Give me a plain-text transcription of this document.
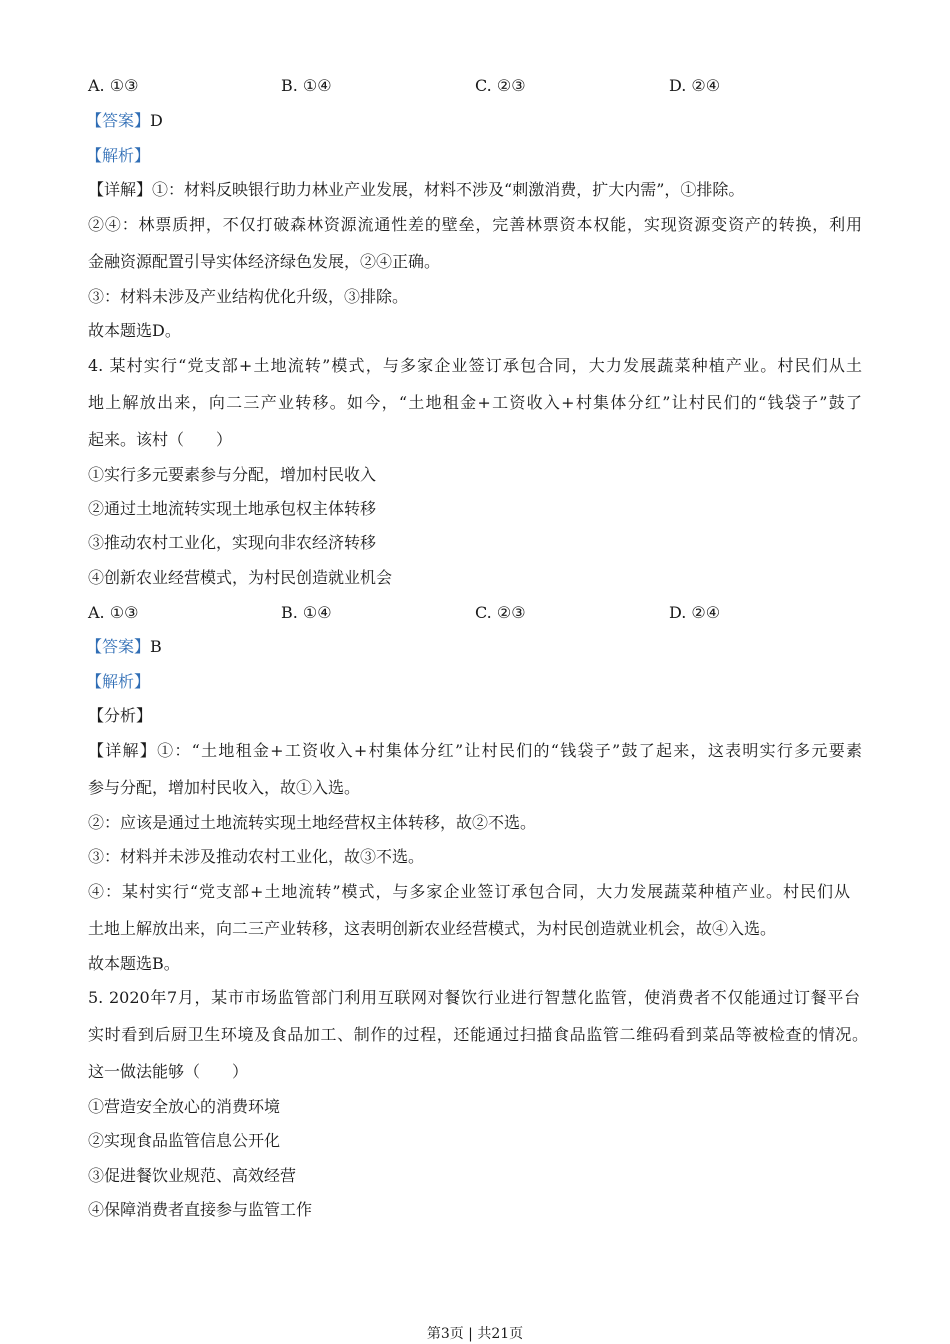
A. ①③	B. ①④	C. ②③	D. ②④
【答案】D
【解析】
【详解】①：材料反映银行助力林业产业发展，材料不涉及“刺激消费，扩大内需”，①排除。
②④：林票质押，不仅打破森林资源流通性差的壁垒，完善林票资本权能，实现资源变资产的转换，利用
金融资源配置引导实体经济绿色发展，②④正确。
③：材料未涉及产业结构优化升级，③排除。
故本题选D。
4. 某村实行“党支部+土地流转”模式，与多家企业签订承包合同，大力发展蔬菜种植产业。村民们从土
地上解放出来，向二三产业转移。如今，“土地租金+工资收入+村集体分红”让村民们的“钱袋子”鼓了
起来。该村（　　）
①实行多元要素参与分配，增加村民收入
②通过土地流转实现土地承包权主体转移
③推动农村工业化，实现向非农经济转移
④创新农业经营模式，为村民创造就业机会
A. ①③	B. ①④	C. ②③	D. ②④
【答案】B
【解析】
【分析】
【详解】①：“土地租金+工资收入+村集体分红”让村民们的“钱袋子”鼓了起来，这表明实行多元要素
参与分配，增加村民收入，故①入选。
②：应该是通过土地流转实现土地经营权主体转移，故②不选。
③：材料并未涉及推动农村工业化，故③不选。
④：某村实行“党支部+土地流转”模式，与多家企业签订承包合同，大力发展蔬菜种植产业。村民们从
土地上解放出来，向二三产业转移，这表明创新农业经营模式，为村民创造就业机会，故④入选。
故本题选B。
5. 2020年7月，某市市场监管部门利用互联网对餐饮行业进行智慧化监管，使消费者不仅能通过订餐平台
实时看到后厨卫生环境及食品加工、制作的过程，还能通过扫描食品监管二维码看到菜品等被检查的情况。
这一做法能够（　　）
①营造安全放心的消费环境
②实现食品监管信息公开化
③促进餐饮业规范、高效经营
④保障消费者直接参与监管工作
第3页 | 共21页
